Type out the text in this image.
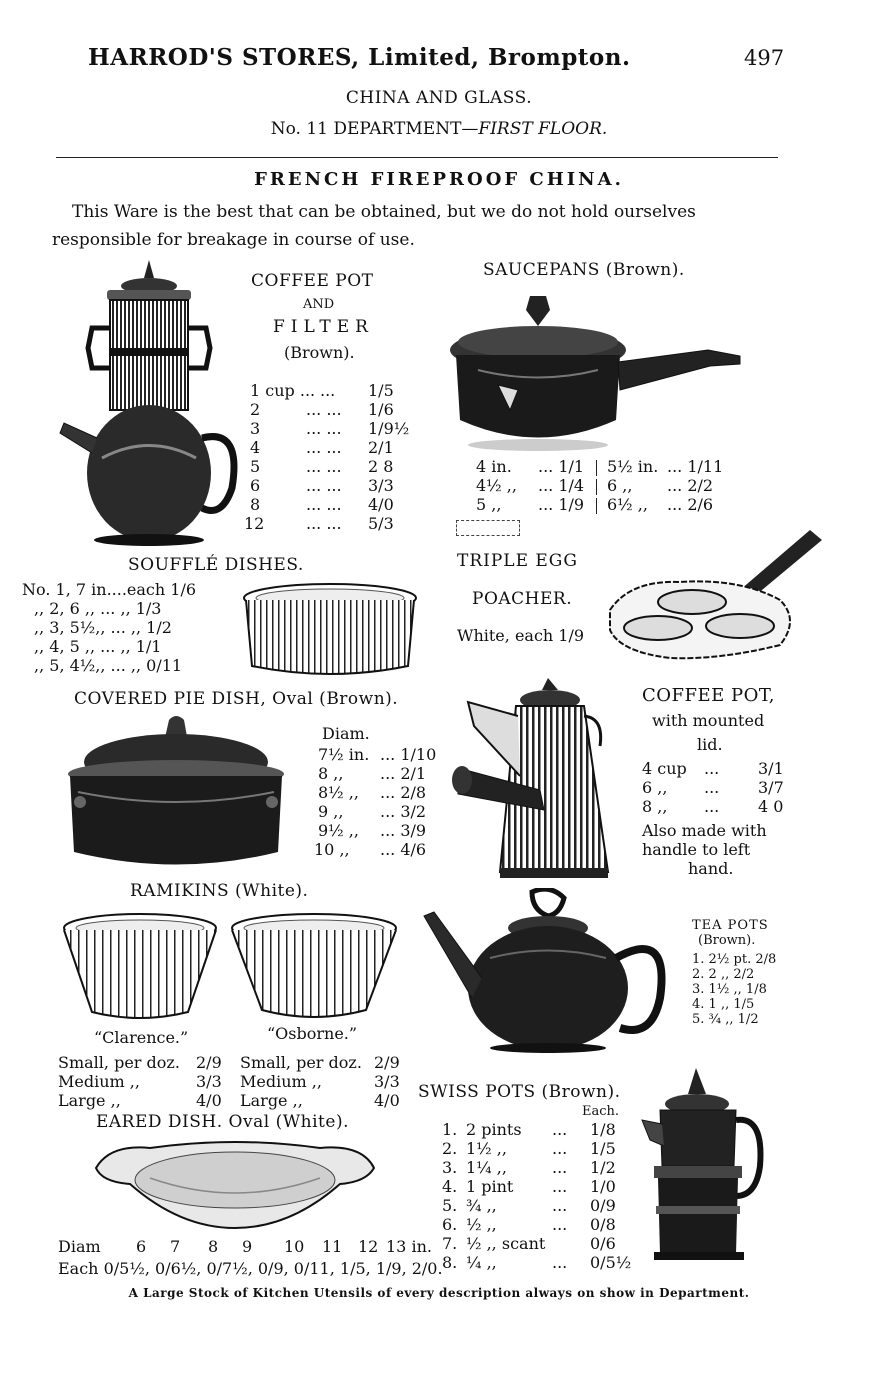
HARROD'S STORES, Limited, Brompton.	497
CHINA AND GLASS.
No. 11 DEPARTMENT—FIRST FLOOR.
FRENCH FIREPROOF CHINA.
This Ware is the best that can be obtained, but we do not hold ourselves
responsible for breakage in course of use.
COFFEE POT
AND
FILTER
(Brown).
1 cup ... ... 1/5
2	... ... 1/6
3	... ... 1/9½
4	... ... 2/1
5	... ... 2 8
6	... ... 3/3
8	... ... 4/0
12	... ... 5/3
SAUCEPANS (Brown).
4 in. ... 1/1 5½ in. ... 1/11
4½ ,, ... 1/4 6 ,, ... 2/2
5 ,, ... 1/9 6½ ,, ... 2/6
SOUFFLÉ DISHES.
No. 1, 7 in....each 1/6
,, 2, 6 ,, ... ,, 1/3
,, 3, 5½,, ... ,, 1/2
,, 4, 5 ,, ... ,, 1/1
,, 5, 4½,, ... ,, 0/11
TRIPLE EGG
POACHER.
White, each 1/9
COVERED PIE DISH, Oval (Brown).
Diam.
7½ in. ... 1/10
8 ,, ... 2/1
8½ ,, ... 2/8
9 ,, ... 3/2
9½ ,, ... 3/9
10 ,, ... 4/6
COFFEE POT,
with mounted
lid.
4 cup ... 3/1
6 ,, ... 3/7
8 ,, ... 4 0
Also made with
handle to left
hand.
RAMIKINS (White).
“Clarence.”	“Osborne.”
Small, per doz. 2/9
Medium ,,	3/3
Large ,,	4/0
Small, per doz. 2/9
Medium ,,	3/3
Large ,,	4/0
TEA POTS
(Brown).
1. 2½ pt. 2/8
2. 2 ,, 2/2
3. 1½ ,, 1/8
4. 1 ,, 1/5
5. ¾ ,, 1/2
EARED DISH. Oval (White).
Diam 6 7 8 9 10 11 12 13 in.
Each 0/5½, 0/6½, 0/7½, 0/9, 0/11, 1/5, 1/9, 2/0.
SWISS POTS (Brown).
Each.
1. 2 pints ... 1/8
2. 1½ ,,	... 1/5
3. 1¼ ,,	... 1/2
4. 1 pint ... 1/0
5. ¾ ,,	... 0/9
6. ½ ,,	... 0/8
7. ½ ,, scant	0/6
8. ¼ ,,	... 0/5½
A Large Stock of Kitchen Utensils of every description always on show in Department.
